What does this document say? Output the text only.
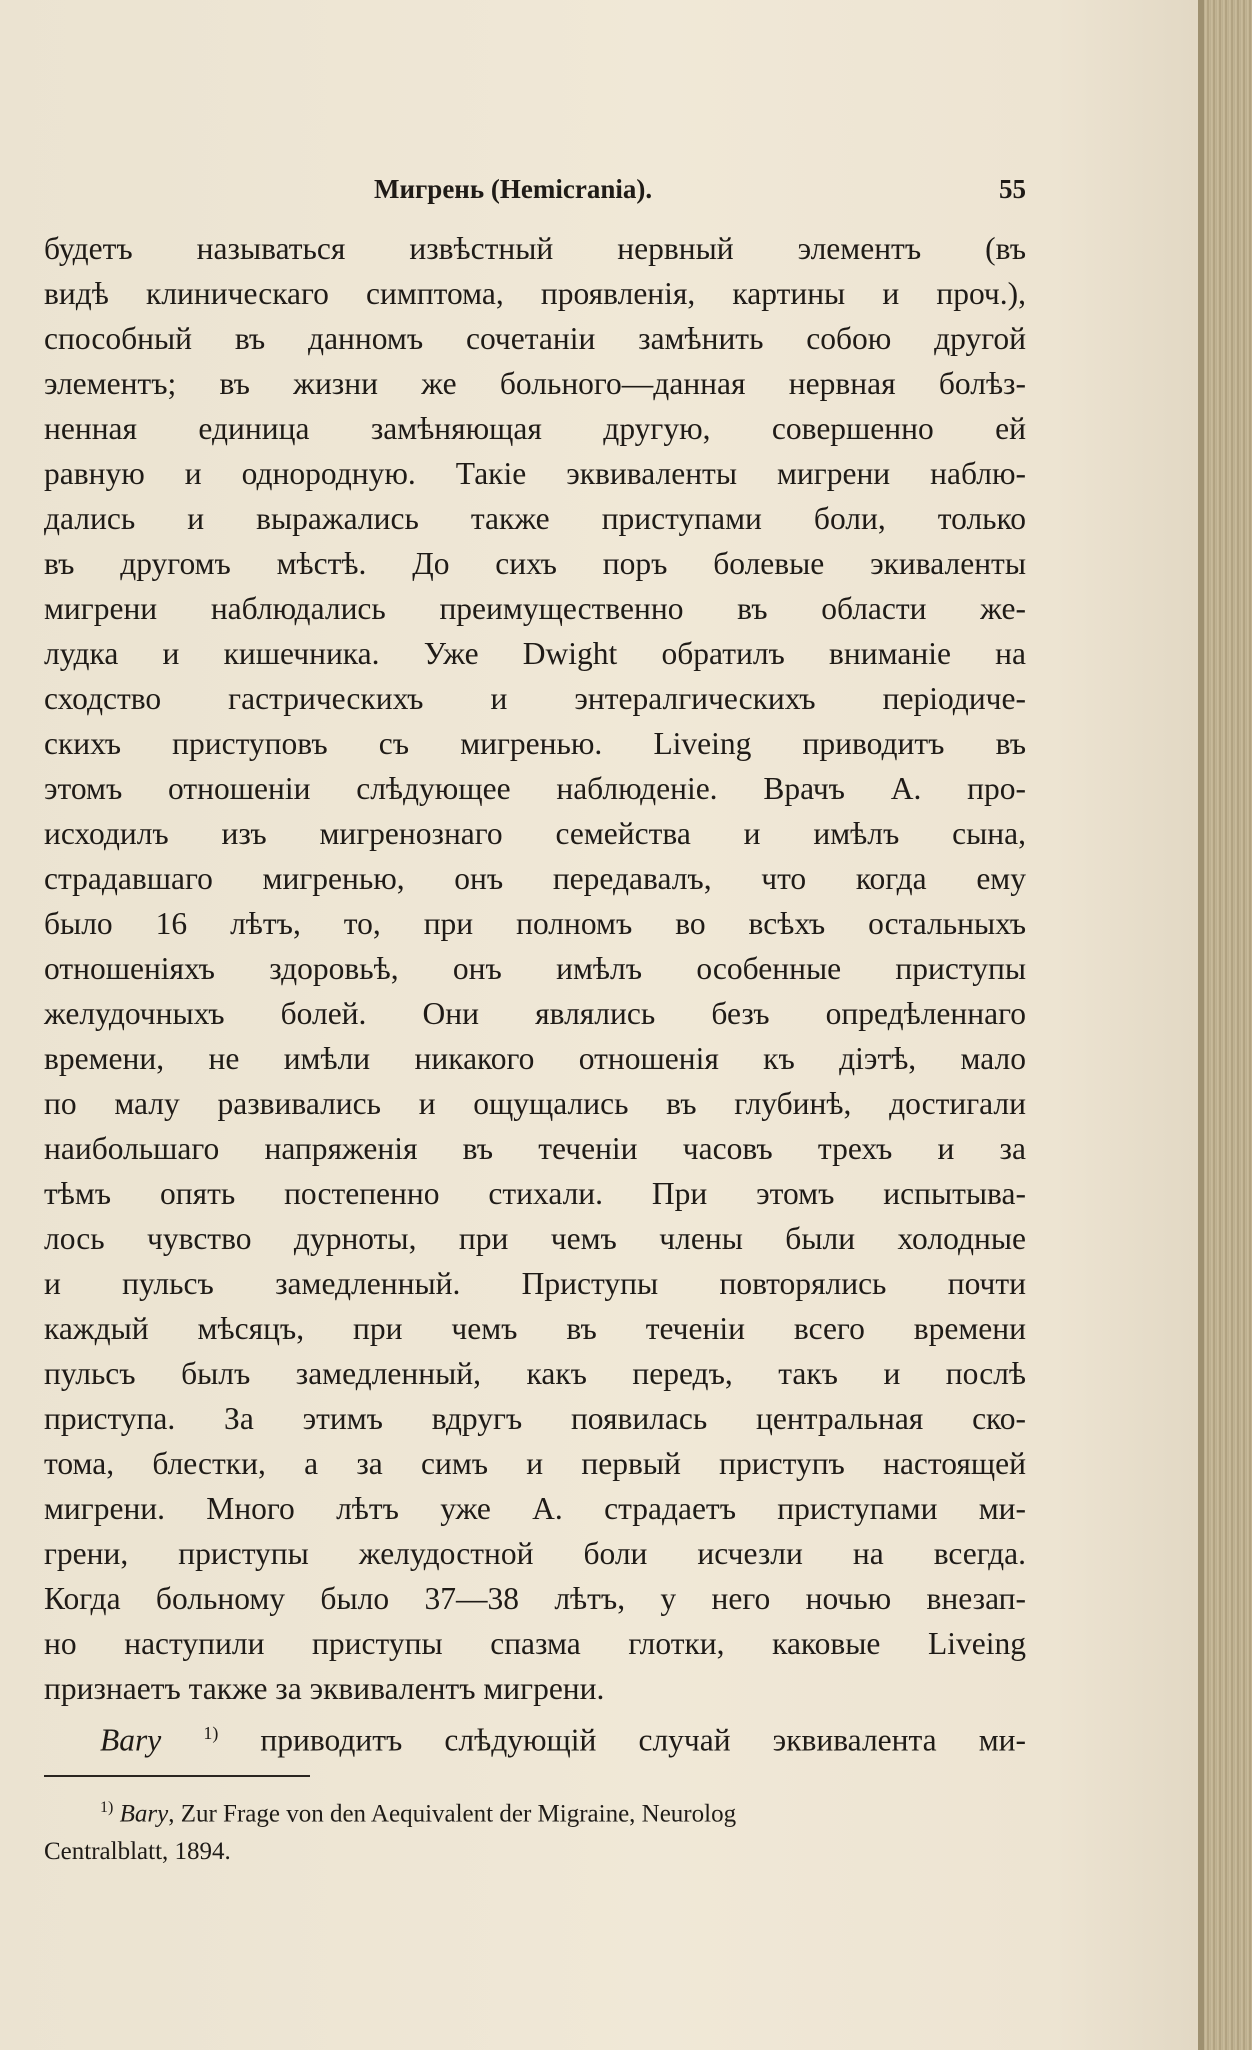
Мигрень (Hemicrania).	55
будетъ называться извѣстный нервный элементъ (въ
видѣ клиническаго симптома, проявленія, картины и проч.),
способный въ данномъ сочетаніи замѣнить собою другой
элементъ; въ жизни же больного—данная нервная болѣз-
ненная единица замѣняющая другую, совершенно ей
равную и однородную. Такіе эквиваленты мигрени наблю-
дались и выражались также приступами боли, только
въ другомъ мѣстѣ. До сихъ поръ болевые экиваленты
мигрени наблюдались преимущественно въ области же-
лудка и кишечника. Уже Dwight обратилъ вниманіе на
сходство гастрическихъ и энтералгическихъ періодиче-
скихъ приступовъ съ мигренью. Liveing приводитъ въ
этомъ отношеніи слѣдующее наблюденіе. Врачъ А. про-
исходилъ изъ мигренознаго семейства и имѣлъ сына,
страдавшаго мигренью, онъ передавалъ, что когда ему
было 16 лѣтъ, то, при полномъ во всѣхъ остальныхъ
отношеніяхъ здоровьѣ, онъ имѣлъ особенные приступы
желудочныхъ болей. Они являлись безъ опредѣленнаго
времени, не имѣли никакого отношенія къ діэтѣ, мало
по малу развивались и ощущались въ глубинѣ, достигали
наибольшаго напряженія въ теченіи часовъ трехъ и за
тѣмъ опять постепенно стихали. При этомъ испытыва-
лось чувство дурноты, при чемъ члены были холодные
и пульсъ замедленный. Приступы повторялись почти
каждый мѣсяцъ, при чемъ въ теченіи всего времени
пульсъ былъ замедленный, какъ передъ, такъ и послѣ
приступа. За этимъ вдругъ появилась центральная ско-
тома, блестки, а за симъ и первый приступъ настоящей
мигрени. Много лѣтъ уже А. страдаетъ приступами ми-
грени, приступы желудостной боли исчезли на всегда.
Когда больному было 37—38 лѣтъ, у него ночью внезап-
но наступили приступы спазма глотки, каковые Liveing
признаетъ также за эквивалентъ мигрени.
Bary $^{1)}$ приводитъ слѣдующій случай эквивалента ми-
$^{1)}$ Bary, Zur Frage von den Aequivalent der Migraine, Neurolog
Centralblatt, 1894.
